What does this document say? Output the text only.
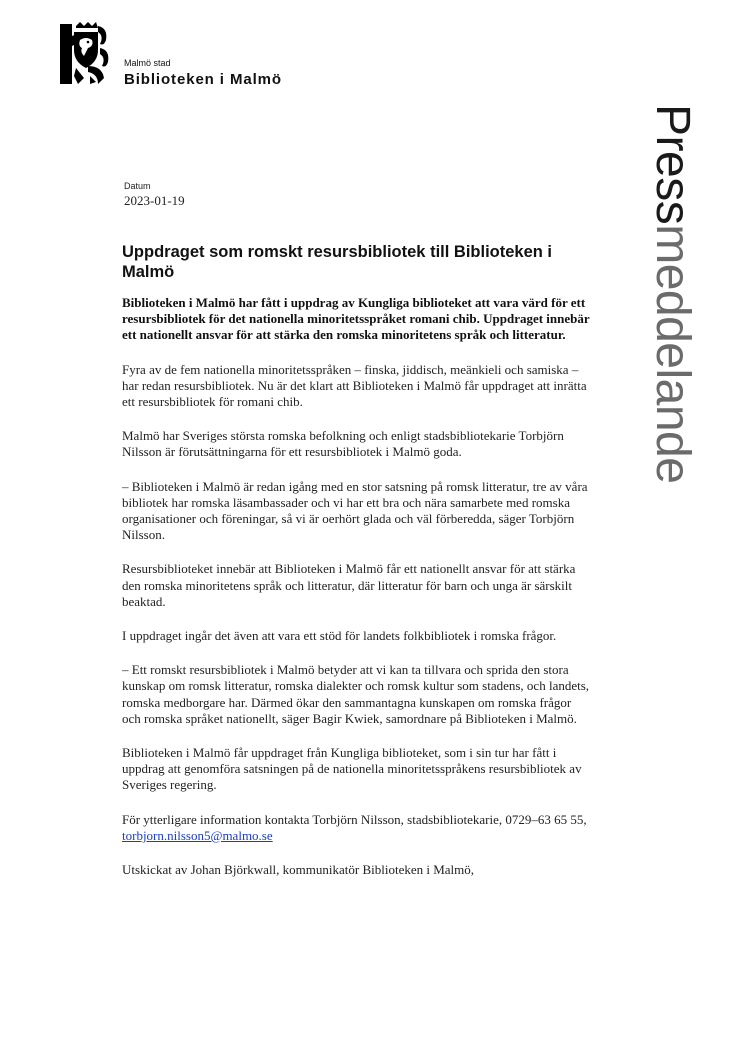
Malmö stad
Biblioteken i Malmö
Pressmeddelande
Datum
2023-01-19
Uppdraget som romskt resursbibliotek till Biblioteken i Malmö

Biblioteken i Malmö har fått i uppdrag av Kungliga biblioteket att vara värd för ett resursbibliotek för det nationella minoritetsspråket romani chib. Uppdraget innebär ett nationellt ansvar för att stärka den romska minoritetens språk och litteratur.

Fyra av de fem nationella minoritetsspråken – finska, jiddisch, meänkieli och samiska – har redan resursbibliotek. Nu är det klart att Biblioteken i Malmö får uppdraget att inrätta ett resursbibliotek för romani chib.

Malmö har Sveriges största romska befolkning och enligt stadsbibliotekarie Torbjörn Nilsson är förutsättningarna för ett resursbibliotek i Malmö goda.

– Biblioteken i Malmö är redan igång med en stor satsning på romsk litteratur, tre av våra bibliotek har romska läsambassader och vi har ett bra och nära samarbete med romska organisationer och föreningar, så vi är oerhört glada och väl förberedda, säger Torbjörn Nilsson.

Resursbiblioteket innebär att Biblioteken i Malmö får ett nationellt ansvar för att stärka den romska minoritetens språk och litteratur, där litteratur för barn och unga är särskilt beaktad.

I uppdraget ingår det även att vara ett stöd för landets folkbibliotek i romska frågor.

– Ett romskt resursbibliotek i Malmö betyder att vi kan ta tillvara och sprida den stora kunskap om romsk litteratur, romska dialekter och romsk kultur som stadens, och landets, romska medborgare har. Därmed ökar den sammantagna kunskapen om romska frågor och romska språket nationellt, säger Bagir Kwiek, samordnare på Biblioteken i Malmö.

Biblioteken i Malmö får uppdraget från Kungliga biblioteket, som i sin tur har fått i uppdrag att genomföra satsningen på de nationella minoritetsspråkens resursbibliotek av Sveriges regering.

För ytterligare information kontakta Torbjörn Nilsson, stadsbibliotekarie, 0729–63 65 55, torbjorn.nilsson5@malmo.se

Utskickat av Johan Björkwall, kommunikatör Biblioteken i Malmö,
